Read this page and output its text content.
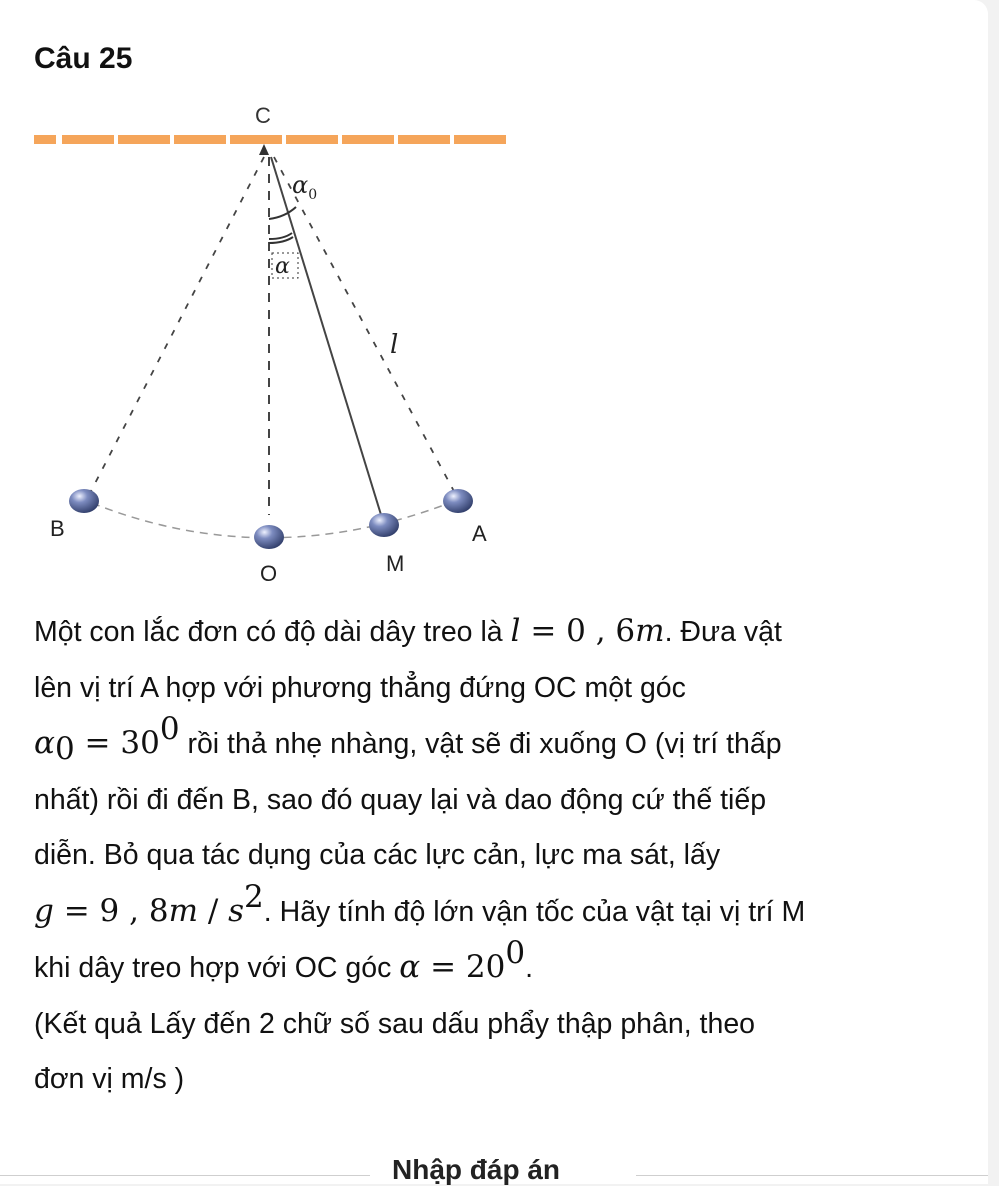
Câu 25
C
$\alpha_0$
α
l
B
O	M
A

Một con lắc đơn có độ dài dây treo là l = 0 , 6m. Đưa vật

lên vị trí A hợp với phương thẳng đứng OC một góc

$\alpha_0 = 30^0$ rồi thả nhẹ nhàng, vật sẽ đi xuống O (vị trí thấp

nhất) rồi đi đến B, sao đó quay lại và dao động cứ thế tiếp

diễn. Bỏ qua tác dụng của các lực cản, lực ma sát, lấy

g = 9 , $8m / s^2$. Hãy tính độ lớn vận tốc của vật tại vị trí M

khi dây treo hợp với OC góc $\alpha = 20^0$.

(Kết quả Lấy đến 2 chữ số sau dấu phẩy thập phân, theo

đơn vị m/s )

Nhập đáp án
